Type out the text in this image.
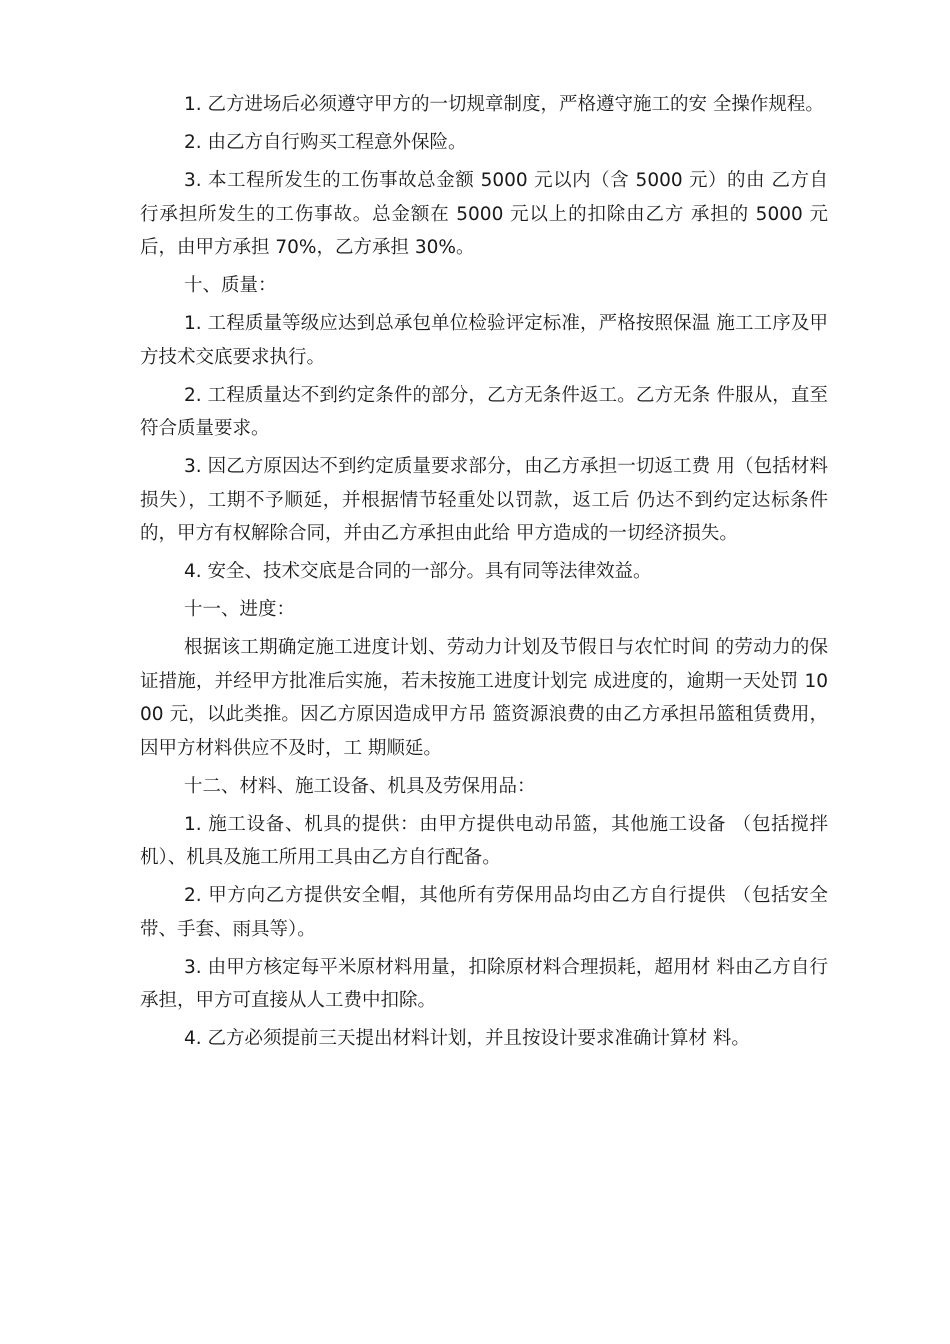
1. 乙方进场后必须遵守甲方的一切规章制度，严格遵守施工的安 全操作规程。

2. 由乙方自行购买工程意外保险。

3. 本工程所发生的工伤事故总金额 5000 元以内（含 5000 元）的由 乙方自行承担所发生的工伤事故。总金额在 5000 元以上的扣除由乙方 承担的 5000 元后，由甲方承担 70%，乙方承担 30%。

十、质量：

1. 工程质量等级应达到总承包单位检验评定标准，严格按照保温 施工工序及甲方技术交底要求执行。

2. 工程质量达不到约定条件的部分，乙方无条件返工。乙方无条 件服从，直至符合质量要求。

3. 因乙方原因达不到约定质量要求部分，由乙方承担一切返工费 用（包括材料损失），工期不予顺延，并根据情节轻重处以罚款，返工后 仍达不到约定达标条件的，甲方有权解除合同，并由乙方承担由此给 甲方造成的一切经济损失。

4. 安全、技术交底是合同的一部分。具有同等法律效益。

十一、进度：

根据该工期确定施工进度计划、劳动力计划及节假日与农忙时间 的劳动力的保证措施，并经甲方批准后实施，若未按施工进度计划完 成进度的，逾期一天处罚 1000 元，以此类推。因乙方原因造成甲方吊 篮资源浪费的由乙方承担吊篮租赁费用，因甲方材料供应不及时，工 期顺延。

十二、材料、施工设备、机具及劳保用品：

1. 施工设备、机具的提供：由甲方提供电动吊篮，其他施工设备 （包括搅拌机）、机具及施工所用工具由乙方自行配备。

2. 甲方向乙方提供安全帽，其他所有劳保用品均由乙方自行提供 （包括安全带、手套、雨具等）。

3. 由甲方核定每平米原材料用量，扣除原材料合理损耗，超用材 料由乙方自行承担，甲方可直接从人工费中扣除。

4. 乙方必须提前三天提出材料计划，并且按设计要求准确计算材 料。
